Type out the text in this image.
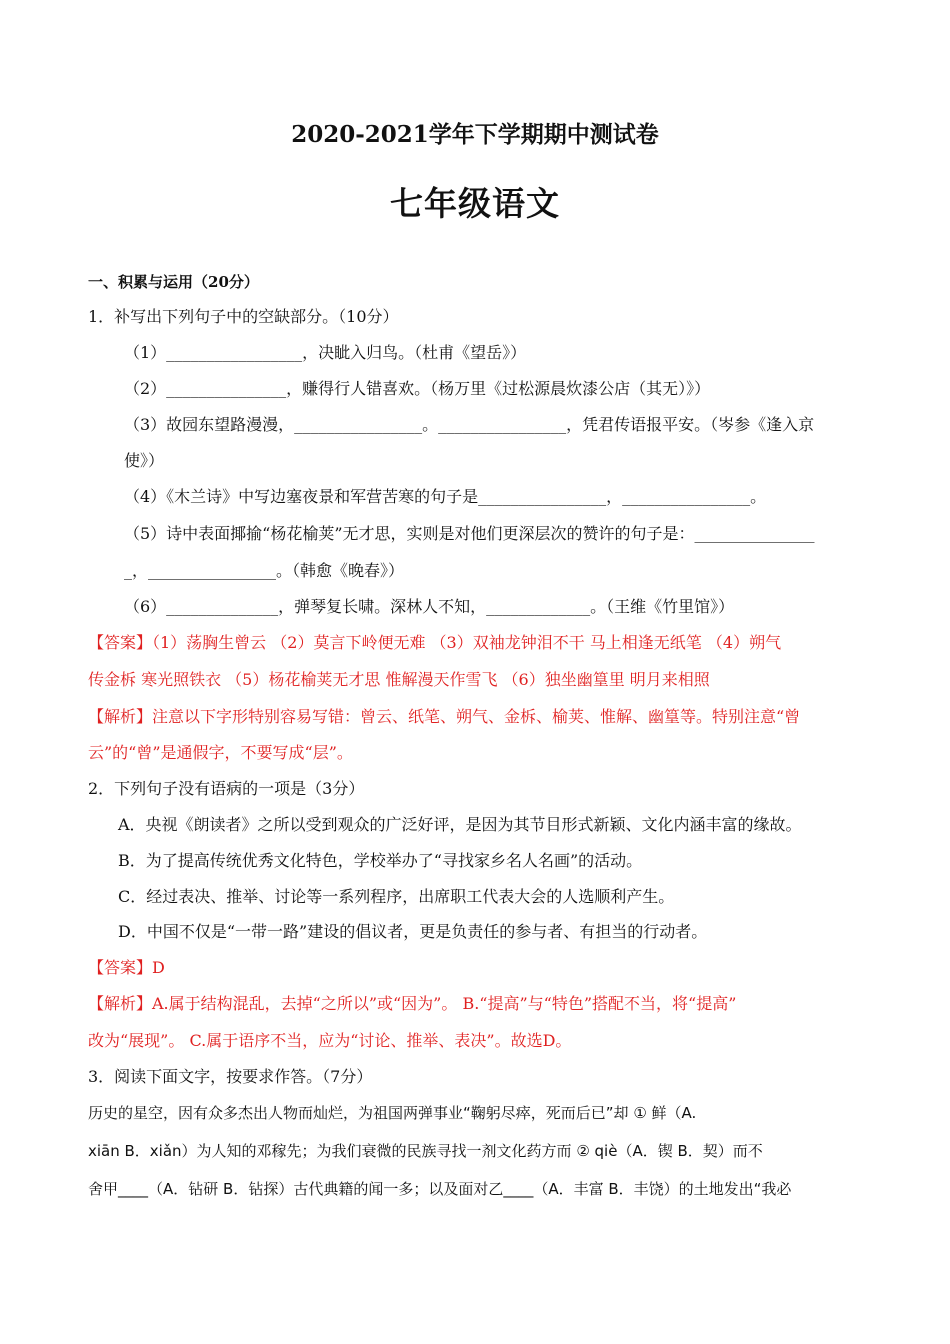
2020-2021学年下学期期中测试卷
七年级语文
一、积累与运用（20分）
1．补写出下列句子中的空缺部分。（10分）
（1）_________________，决眦入归鸟。（杜甫《望岳》）
（2）_______________，赚得行人错喜欢。（杨万里《过松源晨炊漆公店（其无）》）
（3）故园东望路漫漫，________________。________________，凭君传语报平安。（岑参《逢入京
使》）
（4）《木兰诗》中写边塞夜景和军营苦寒的句子是________________，________________。
（5）诗中表面揶揄“杨花榆荚”无才思，实则是对他们更深层次的赞许的句子是：_______________
_，________________。（韩愈《晚春》）
（6）______________，弹琴复长啸。深林人不知，_____________。（王维《竹里馆》）
【答案】（1）荡胸生曾云 （2）莫言下岭便无难 （3）双袖龙钟泪不干 马上相逢无纸笔 （4）朔气
传金柝 寒光照铁衣 （5）杨花榆荚无才思 惟解漫天作雪飞 （6）独坐幽篁里 明月来相照
【解析】注意以下字形特别容易写错：曾云、纸笔、朔气、金柝、榆荚、惟解、幽篁等。特别注意“曾
云”的“曾”是通假字，不要写成“层”。
2．下列句子没有语病的一项是（3分）
A．央视《朗读者》之所以受到观众的广泛好评，是因为其节目形式新颖、文化内涵丰富的缘故。
B．为了提高传统优秀文化特色，学校举办了“寻找家乡名人名画”的活动。
C．经过表决、推举、讨论等一系列程序，出席职工代表大会的人选顺利产生。
D．中国不仅是“一带一路”建设的倡议者，更是负责任的参与者、有担当的行动者。
【答案】D
【解析】A.属于结构混乱，去掉“之所以”或“因为”。 B.“提高”与“特色”搭配不当，将“提高”
改为“展现”。 C.属于语序不当，应为“讨论、推举、表决”。故选D。
3．阅读下面文字，按要求作答。（7分）
历史的星空，因有众多杰出人物而灿烂，为祖国两弹事业“鞠躬尽瘁，死而后已”却 ① 鲜（A.
xiān B．xiǎn）为人知的邓稼先；为我们衰微的民族寻找一剂文化药方而 ② qiè（A．锲 B．契）而不
舍甲____（A．钻研 B．钻探）古代典籍的闻一多；以及面对乙____（A．丰富 B．丰饶）的土地发出“我必
